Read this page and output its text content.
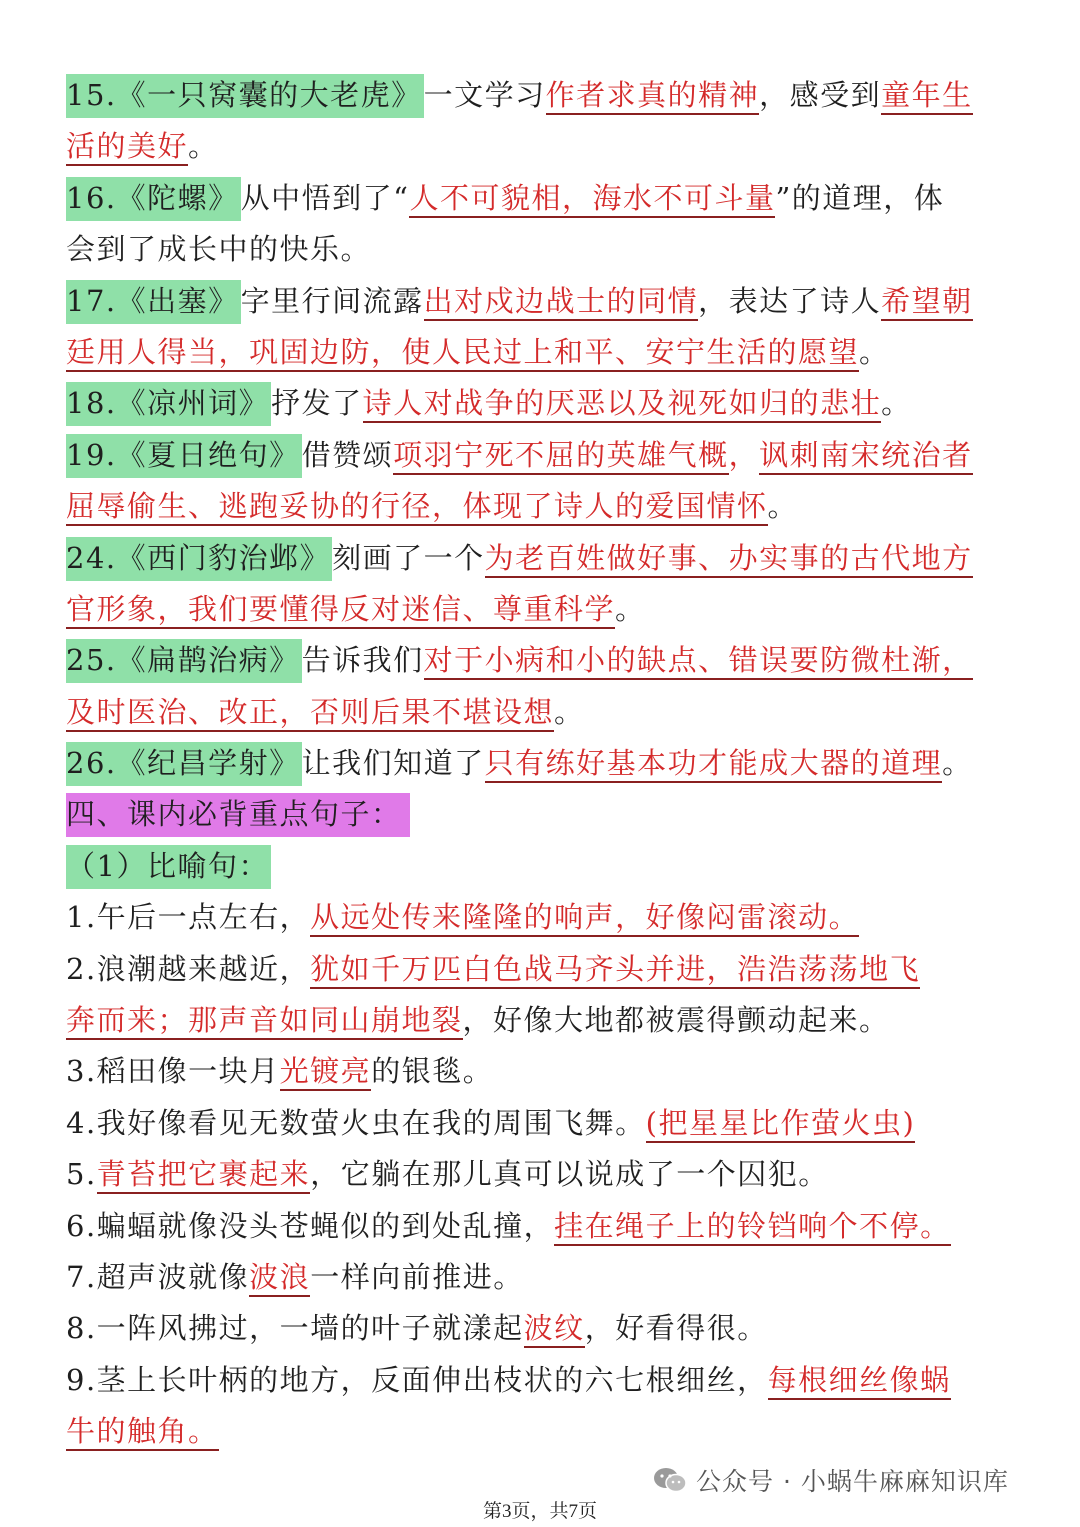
15.《一只窝囊的大老虎》一文学习作者求真的精神，感受到童年生
活的美好。
16.《陀螺》从中悟到了“人不可貌相，海水不可斗量”的道理，体
会到了成长中的快乐。
17.《出塞》字里行间流露出对戍边战士的同情，表达了诗人希望朝
廷用人得当，巩固边防，使人民过上和平、安宁生活的愿望。
18.《凉州词》抒发了诗人对战争的厌恶以及视死如归的悲壮。
19.《夏日绝句》借赞颂项羽宁死不屈的英雄气概，讽刺南宋统治者
屈辱偷生、逃跑妥协的行径，体现了诗人的爱国情怀。
24.《西门豹治邺》刻画了一个为老百姓做好事、办实事的古代地方
官形象，我们要懂得反对迷信、尊重科学。
25.《扁鹊治病》告诉我们对于小病和小的缺点、错误要防微杜渐，
及时医治、改正，否则后果不堪设想。
26.《纪昌学射》让我们知道了只有练好基本功才能成大器的道理。
四、课内必背重点句子：
（1）比喻句：
1.午后一点左右，从远处传来隆隆的响声，好像闷雷滚动。
2.浪潮越来越近，犹如千万匹白色战马齐头并进，浩浩荡荡地飞
奔而来；那声音如同山崩地裂，好像大地都被震得颤动起来。
3.稻田像一块月光镀亮的银毯。
4.我好像看见无数萤火虫在我的周围飞舞。(把星星比作萤火虫)
5.青苔把它裹起来，它躺在那儿真可以说成了一个囚犯。
6.蝙蝠就像没头苍蝇似的到处乱撞，挂在绳子上的铃铛响个不停。
7.超声波就像波浪一样向前推进。
8.一阵风拂过，一墙的叶子就漾起波纹，好看得很。
9.茎上长叶柄的地方，反面伸出枝状的六七根细丝，每根细丝像蜗
牛的触角。
公众号 · 小蜗牛麻麻知识库
第3页，共7页
